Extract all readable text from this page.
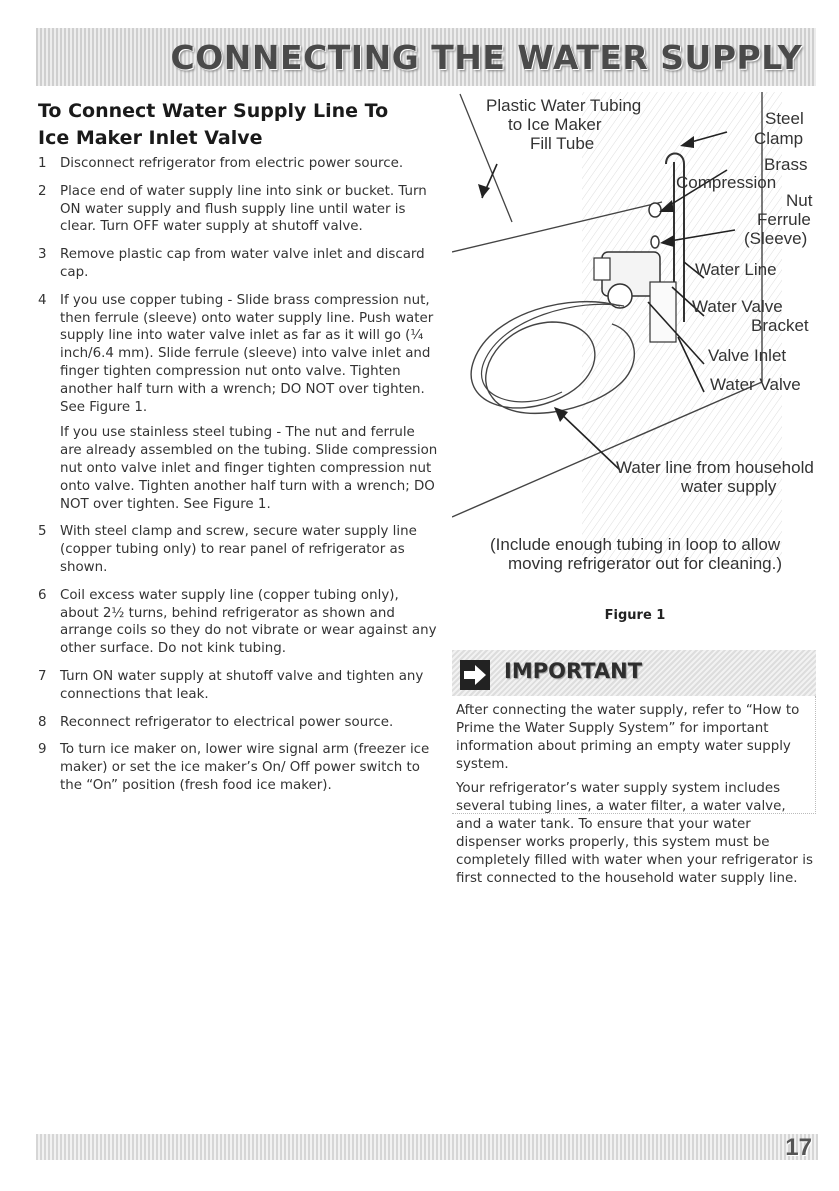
CONNECTING THE WATER SUPPLY
To Connect Water Supply Line To
Ice Maker Inlet Valve
1 Disconnect refrigerator from electric power source.

2 Place end of water supply line into sink or bucket. Turn ON water supply and flush supply line until water is clear. Turn OFF water supply at shutoff valve.

3 Remove plastic cap from water valve inlet and discard cap.

4 If you use copper tubing - Slide brass compression nut, then ferrule (sleeve) onto water supply line. Push water supply line into water valve inlet as far as it will go (¼ inch/6.4 mm). Slide ferrule (sleeve) into valve inlet and finger tighten compression nut onto valve. Tighten another half turn with a wrench; DO NOT over tighten. See Figure 1.

If you use stainless steel tubing - The nut and ferrule are already assembled on the tubing. Slide compression nut onto valve inlet and finger tighten compression nut onto valve. Tighten another half turn with a wrench; DO NOT over tighten. See Figure 1.

5 With steel clamp and screw, secure water supply line (copper tubing only) to rear panel of refrigerator as shown.

6 Coil excess water supply line (copper tubing only), about 2½ turns, behind refrigerator as shown and arrange coils so they do not vibrate or wear against any other surface. Do not kink tubing.

7 Turn ON water supply at shutoff valve and tighten any connections that leak.

8 Reconnect refrigerator to electrical power source.

9 To turn ice maker on, lower wire signal arm (freezer ice maker) or set the ice maker’s On/ Off power switch to the “On” position (fresh food ice maker).

Plastic Water Tubing
to Ice Maker
Fill Tube
Steel
Clamp
Brass
Compression
Nut
Ferrule
(Sleeve)
Water Line
Water Valve
Bracket
Valve Inlet
Water Valve
Water line from household
water supply
(Include enough tubing in loop to allow
moving refrigerator out for cleaning.)
Figure 1
IMPORTANT

After connecting the water supply, refer to “How to Prime the Water Supply System” for important information about priming an empty water supply system.

Your refrigerator’s water supply system includes several tubing lines, a water filter, a water valve, and a water tank. To ensure that your water dispenser works properly, this system must be completely filled with water when your refrigerator is first connected to the household water supply line.

17
